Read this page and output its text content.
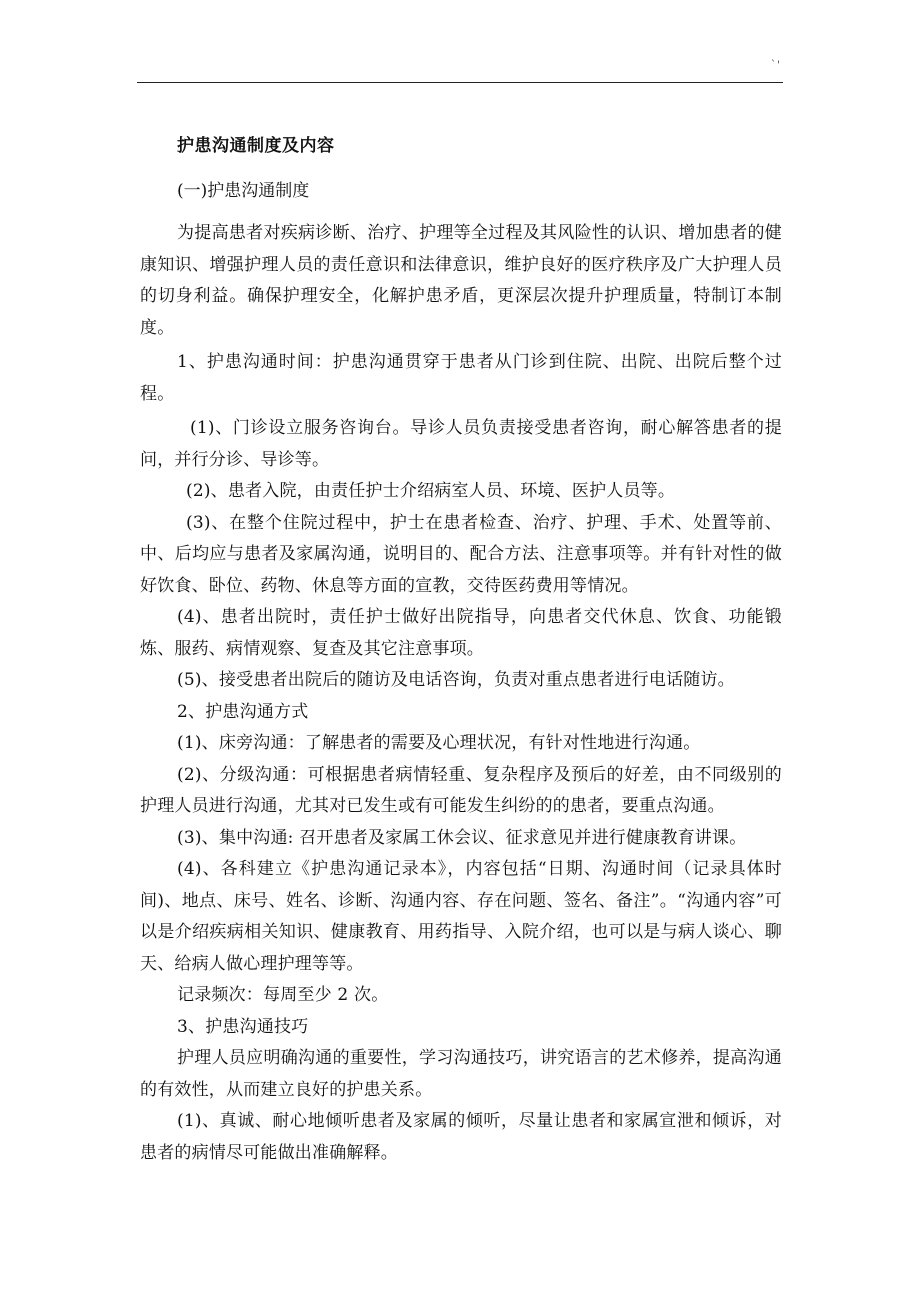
`'
护患沟通制度及内容
(一)护患沟通制度

为提高患者对疾病诊断、治疗、护理等全过程及其风险性的认识、增加患者的健康知识、增强护理人员的责任意识和法律意识，维护良好的医疗秩序及广大护理人员的切身利益。确保护理安全，化解护患矛盾，更深层次提升护理质量，特制订本制度。

1、护患沟通时间：护患沟通贯穿于患者从门诊到住院、出院、出院后整个过程。

(1)、门诊设立服务咨询台。导诊人员负责接受患者咨询，耐心解答患者的提问，并行分诊、导诊等。

(2)、患者入院，由责任护士介绍病室人员、环境、医护人员等。

(3)、在整个住院过程中，护士在患者检查、治疗、护理、手术、处置等前、中、后均应与患者及家属沟通，说明目的、配合方法、注意事项等。并有针对性的做好饮食、卧位、药物、休息等方面的宣教，交待医药费用等情况。

(4)、患者出院时，责任护士做好出院指导，向患者交代休息、饮食、功能锻炼、服药、病情观察、复查及其它注意事项。

(5)、接受患者出院后的随访及电话咨询，负责对重点患者进行电话随访。

2、护患沟通方式

(1)、床旁沟通：了解患者的需要及心理状况，有针对性地进行沟通。

(2)、分级沟通：可根据患者病情轻重、复杂程序及预后的好差，由不同级别的护理人员进行沟通，尤其对已发生或有可能发生纠纷的的患者，要重点沟通。

(3)、集中沟通: 召开患者及家属工休会议、征求意见并进行健康教育讲课。

(4)、各科建立《护患沟通记录本》，内容包括“日期、沟通时间（记录具体时间)、地点、床号、姓名、诊断、沟通内容、存在问题、签名、备注”。“沟通内容”可以是介绍疾病相关知识、健康教育、用药指导、入院介绍，也可以是与病人谈心、聊天、给病人做心理护理等等。

记录频次：每周至少 2 次。

3、护患沟通技巧

护理人员应明确沟通的重要性，学习沟通技巧，讲究语言的艺术修养，提高沟通的有效性，从而建立良好的护患关系。

(1)、真诚、耐心地倾听患者及家属的倾听，尽量让患者和家属宣泄和倾诉，对患者的病情尽可能做出准确解释。
